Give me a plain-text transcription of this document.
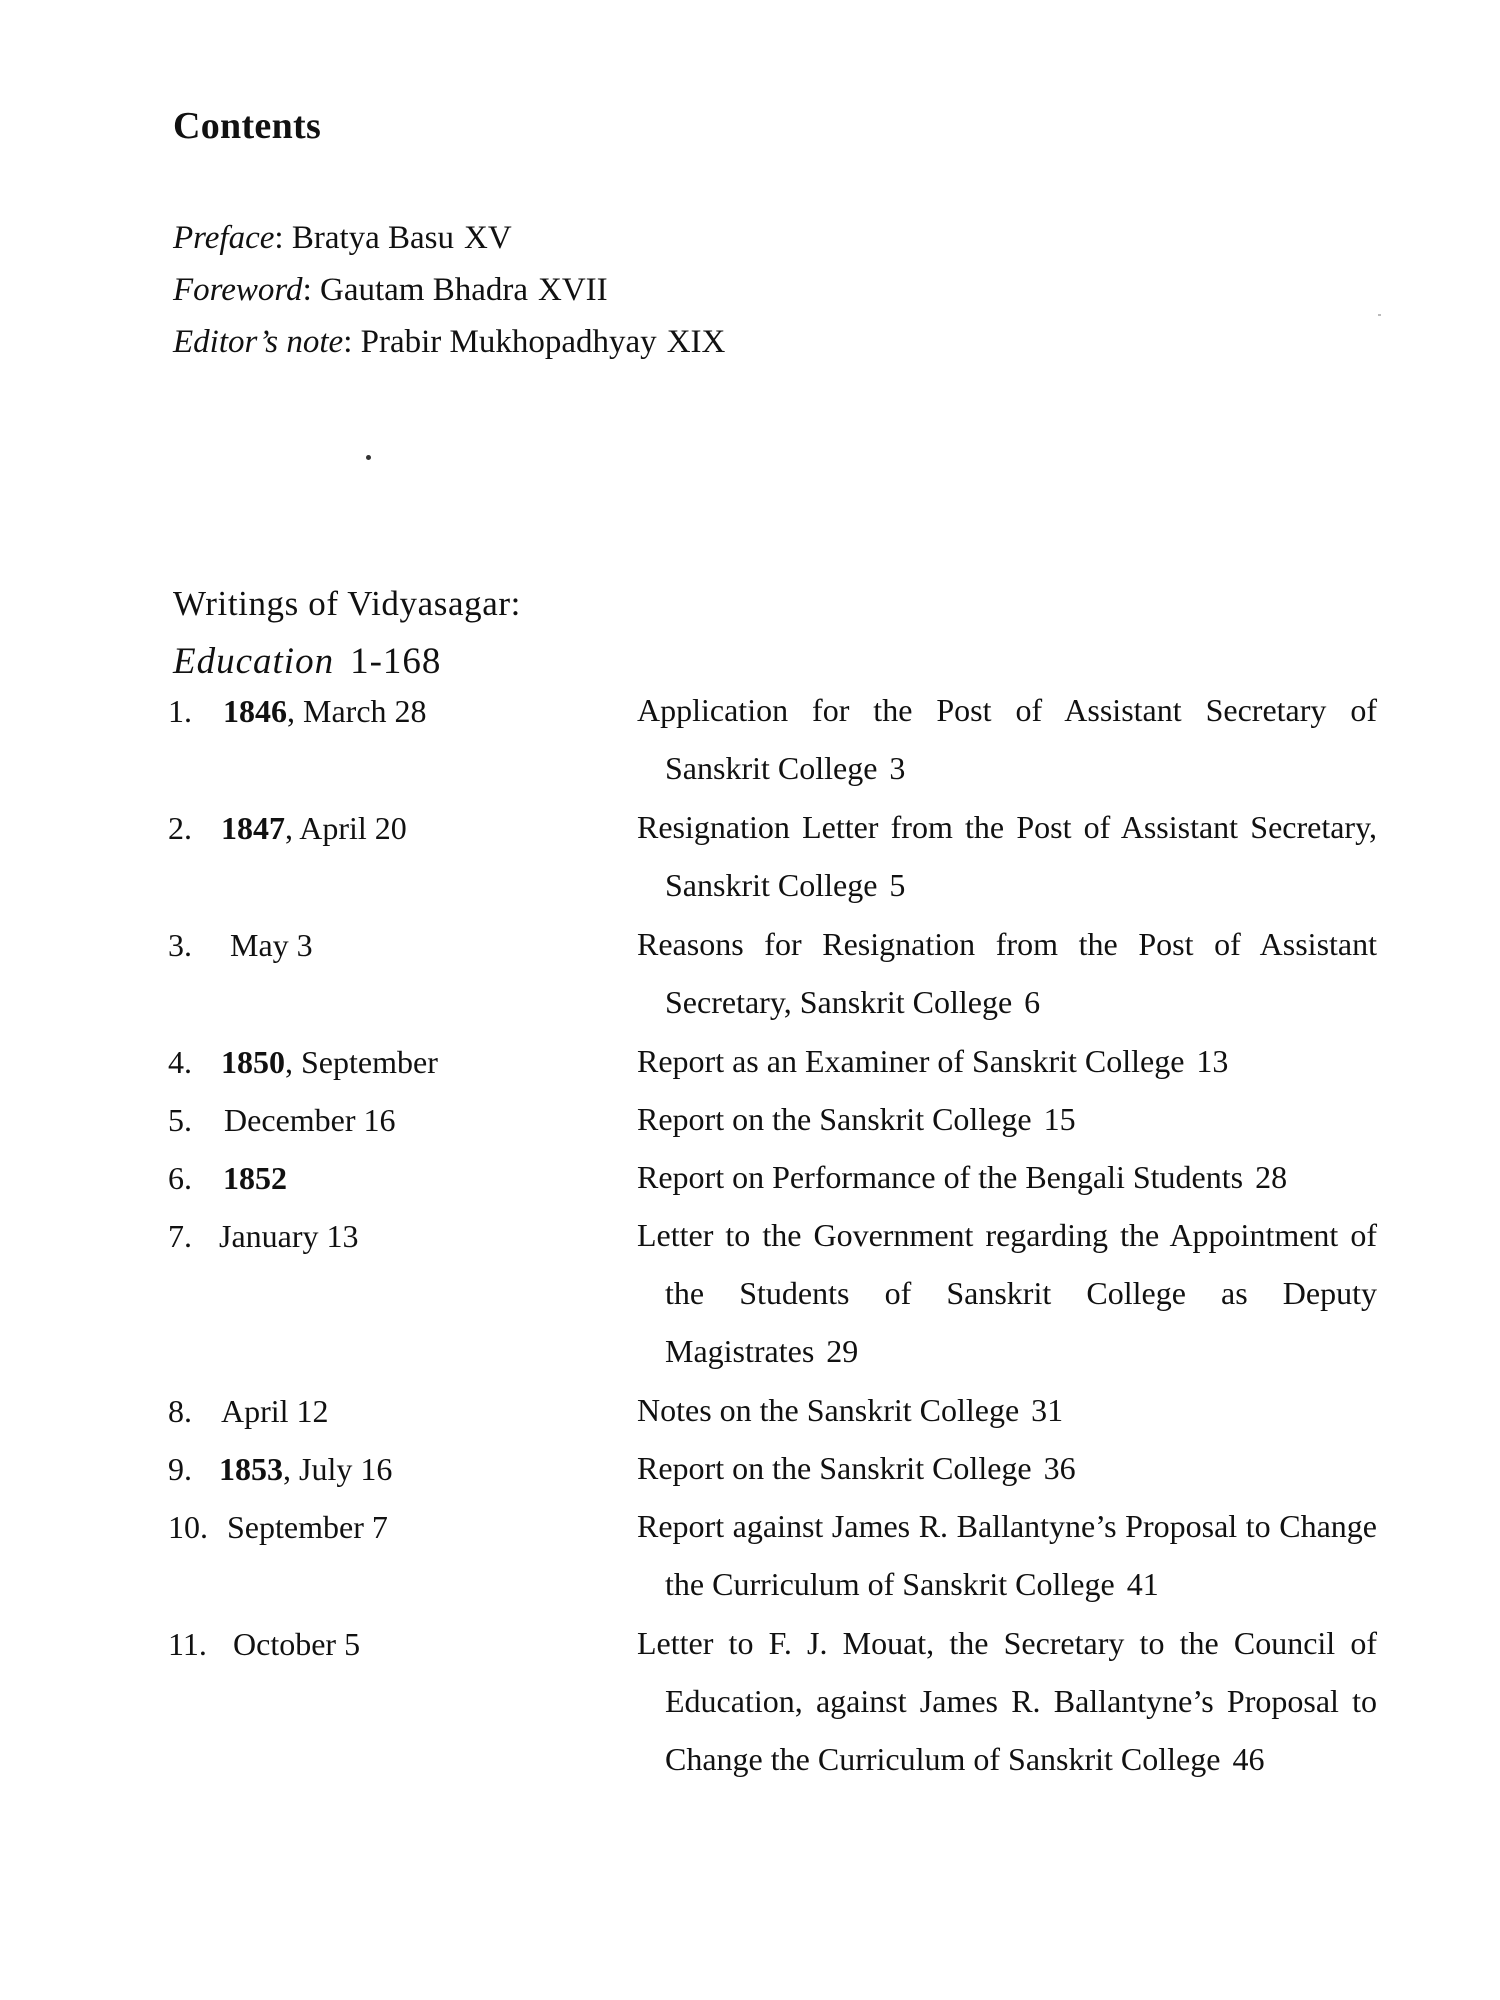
Contents
Preface: Bratya Basu XV
Foreword: Gautam Bhadra XVII
Editor’s note: Prabir Mukhopadhyay XIX
Writings of Vidyasagar:
Education 1-168
1. 1846, March 28	Application for the Post of Assistant Secretary of Sanskrit College 3
2. 1847, April 20	Resignation Letter from the Post of Assistant Secretary, Sanskrit College 5
3. May 3	Reasons for Resignation from the Post of Assistant Secretary, Sanskrit College 6
4. 1850, September	Report as an Examiner of Sanskrit College 13
5. December 16	Report on the Sanskrit College 15
6. 1852	Report on Performance of the Bengali Students 28
7. January 13	Letter to the Government regarding the Appointment of the Students of Sanskrit College as Deputy Magistrates 29
8. April 12	Notes on the Sanskrit College 31
9. 1853, July 16	Report on the Sanskrit College 36
10. September 7	Report against James R. Ballantyne’s Proposal to Change the Curriculum of Sanskrit College 41
11. October 5	Letter to F. J. Mouat, the Secretary to the Council of Education, against James R. Ballantyne’s Proposal to Change the Curriculum of Sanskrit College 46
